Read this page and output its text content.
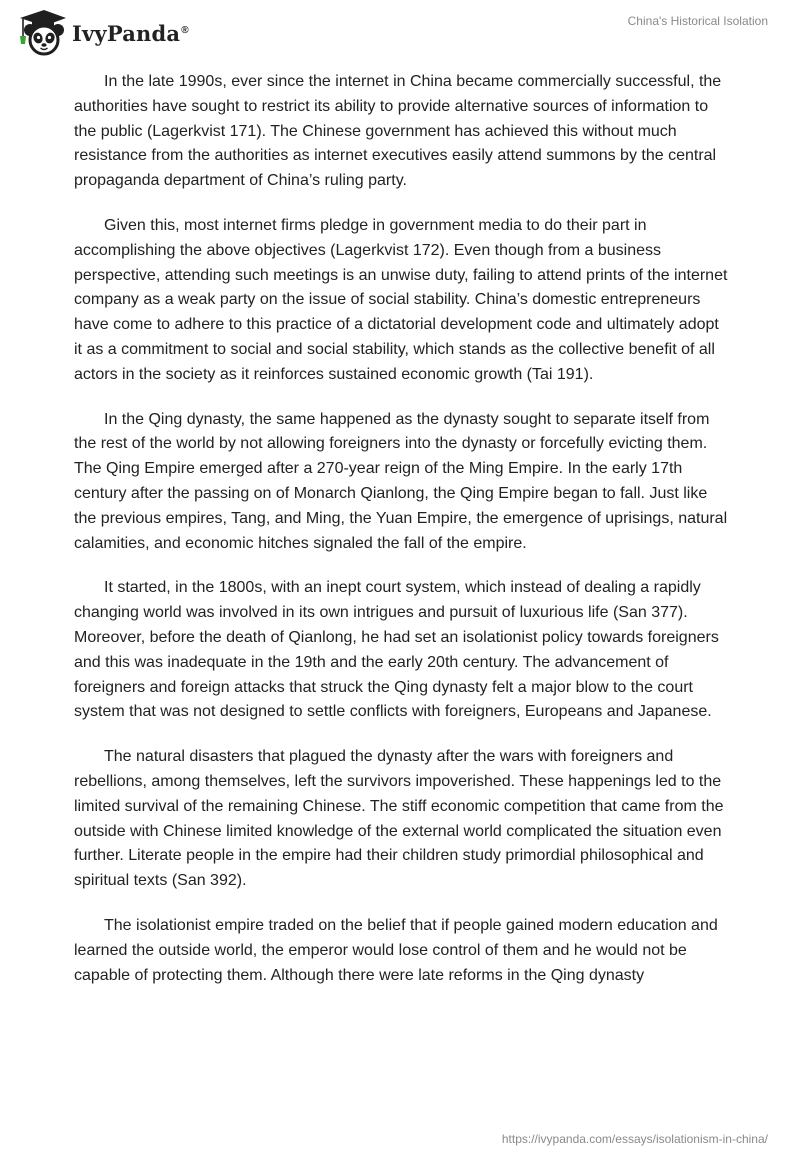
IvyPanda®
China's Historical Isolation

In the late 1990s, ever since the internet in China became commercially successful, the authorities have sought to restrict its ability to provide alternative sources of information to the public (Lagerkvist 171). The Chinese government has achieved this without much resistance from the authorities as internet executives easily attend summons by the central propaganda department of China’s ruling party.

Given this, most internet firms pledge in government media to do their part in accomplishing the above objectives (Lagerkvist 172). Even though from a business perspective, attending such meetings is an unwise duty, failing to attend prints of the internet company as a weak party on the issue of social stability. China’s domestic entrepreneurs have come to adhere to this practice of a dictatorial development code and ultimately adopt it as a commitment to social and social stability, which stands as the collective benefit of all actors in the society as it reinforces sustained economic growth (Tai 191).

In the Qing dynasty, the same happened as the dynasty sought to separate itself from the rest of the world by not allowing foreigners into the dynasty or forcefully evicting them. The Qing Empire emerged after a 270-year reign of the Ming Empire. In the early 17th century after the passing on of Monarch Qianlong, the Qing Empire began to fall. Just like the previous empires, Tang, and Ming, the Yuan Empire, the emergence of uprisings, natural calamities, and economic hitches signaled the fall of the empire.

It started, in the 1800s, with an inept court system, which instead of dealing a rapidly changing world was involved in its own intrigues and pursuit of luxurious life (San 377). Moreover, before the death of Qianlong, he had set an isolationist policy towards foreigners and this was inadequate in the 19th and the early 20th century. The advancement of foreigners and foreign attacks that struck the Qing dynasty felt a major blow to the court system that was not designed to settle conflicts with foreigners, Europeans and Japanese.

The natural disasters that plagued the dynasty after the wars with foreigners and rebellions, among themselves, left the survivors impoverished. These happenings led to the limited survival of the remaining Chinese. The stiff economic competition that came from the outside with Chinese limited knowledge of the external world complicated the situation even further. Literate people in the empire had their children study primordial philosophical and spiritual texts (San 392).

The isolationist empire traded on the belief that if people gained modern education and learned the outside world, the emperor would lose control of them and he would not be capable of protecting them. Although there were late reforms in the Qing dynasty

https://ivypanda.com/essays/isolationism-in-china/
